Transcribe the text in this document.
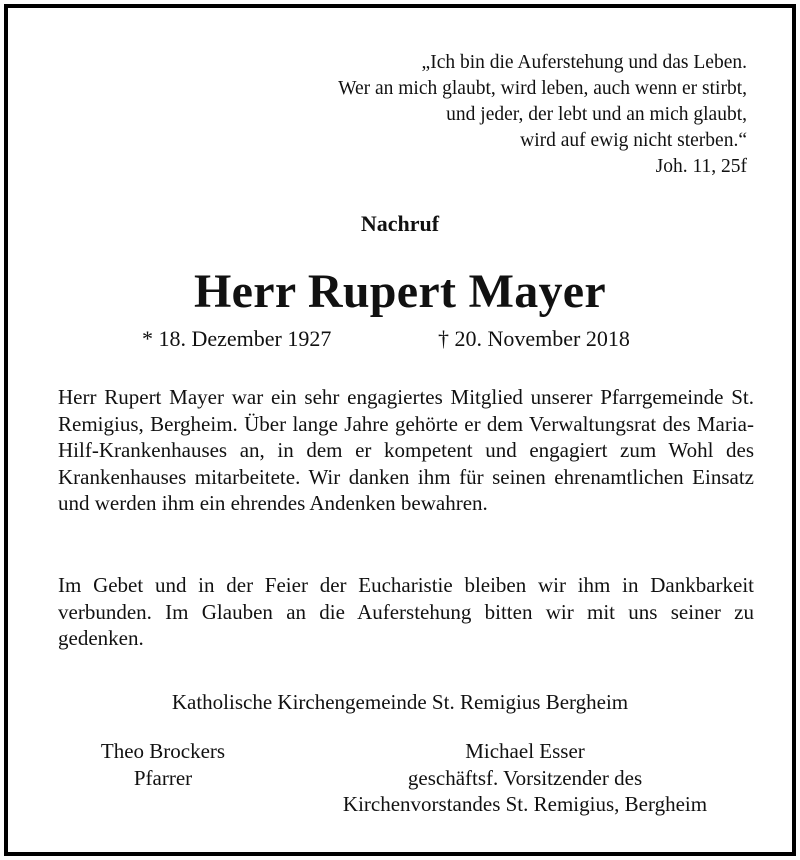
„Ich bin die Auferstehung und das Leben.
Wer an mich glaubt, wird leben, auch wenn er stirbt,
und jeder, der lebt und an mich glaubt,
wird auf ewig nicht sterben.“
Joh. 11, 25f
Nachruf
Herr Rupert Mayer
* 18. Dezember 1927	† 20. November 2018
Herr Rupert Mayer war ein sehr engagiertes Mitglied unserer Pfarrgemeinde St. Remigius, Bergheim. Über lange Jahre gehörte er dem Verwaltungsrat des Maria-Hilf-Krankenhauses an, in dem er kompetent und engagiert zum Wohl des Krankenhauses mitarbeitete. Wir danken ihm für seinen ehrenamtlichen Einsatz und werden ihm ein ehrendes Andenken bewahren.
Im Gebet und in der Feier der Eucharistie bleiben wir ihm in Dankbarkeit verbunden. Im Glauben an die Auferstehung bitten wir mit uns seiner zu gedenken.
Katholische Kirchengemeinde St. Remigius Bergheim
Theo Brockers
Pfarrer
Michael Esser
geschäftsf. Vorsitzender des
Kirchenvorstandes St. Remigius, Bergheim
